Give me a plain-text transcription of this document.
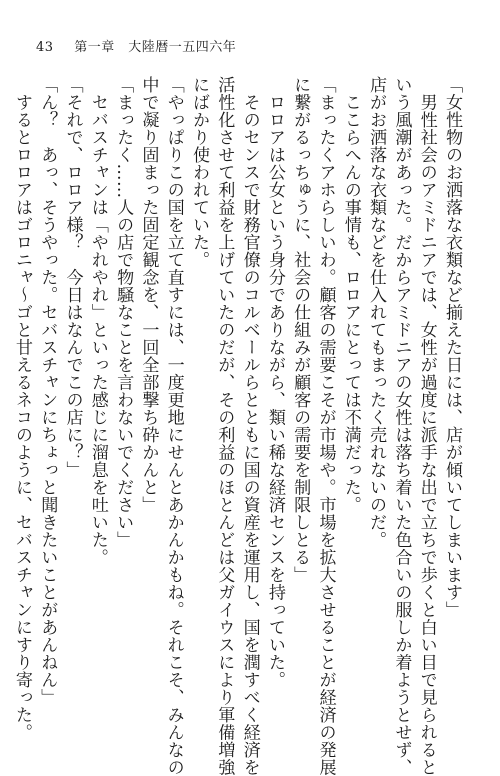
43 第一章　大陸暦一五四六年
「女性物のお洒落な衣類など揃えた日には、店が傾いてしまいます」
　男性社会のアミドニアでは、女性が過度に派手な出で立ちで歩くと白い目で見られると
いう風潮があった。だからアミドニアの女性は落ち着いた色合いの服しか着ようとせず、
店がお洒落な衣類などを仕入れてもまったく売れないのだ。
　ここらへんの事情も、ロロアにとっては不満だった。
「まったくアホらしいわ。顧客の需要こそが市場や。市場を拡大させることが経済の発展
に繋がるっちゅうに、社会の仕組みが顧客の需要を制限しとる」
　ロロアは公女という身分でありながら、類い稀な経済センスを持っていた。
　そのセンスで財務官僚のコルベールらとともに国の資産を運用し、国を潤すべく経済を
活性化させて利益を上げていたのだが、その利益のほとんどは父ガイウスにより軍備増強
にばかり使われていた。
「やっぱりこの国を立て直すには、一度更地にせんとあかんかもね。それこそ、みんなの
中で凝り固まった固定観念を、一回全部撃ち砕かんと」
「まったく……人の店で物騒なことを言わないでください」
　セバスチャンは「やれやれ」といった感じに溜息を吐いた。
「それで、ロロア様？　今日はなんでこの店に？」
「ん？　あっ、そうやった。セバスチャンにちょっと聞きたいことがあんねん」
　するとロロアはゴロニャ〜ゴと甘えるネコのように、セバスチャンにすり寄った。
